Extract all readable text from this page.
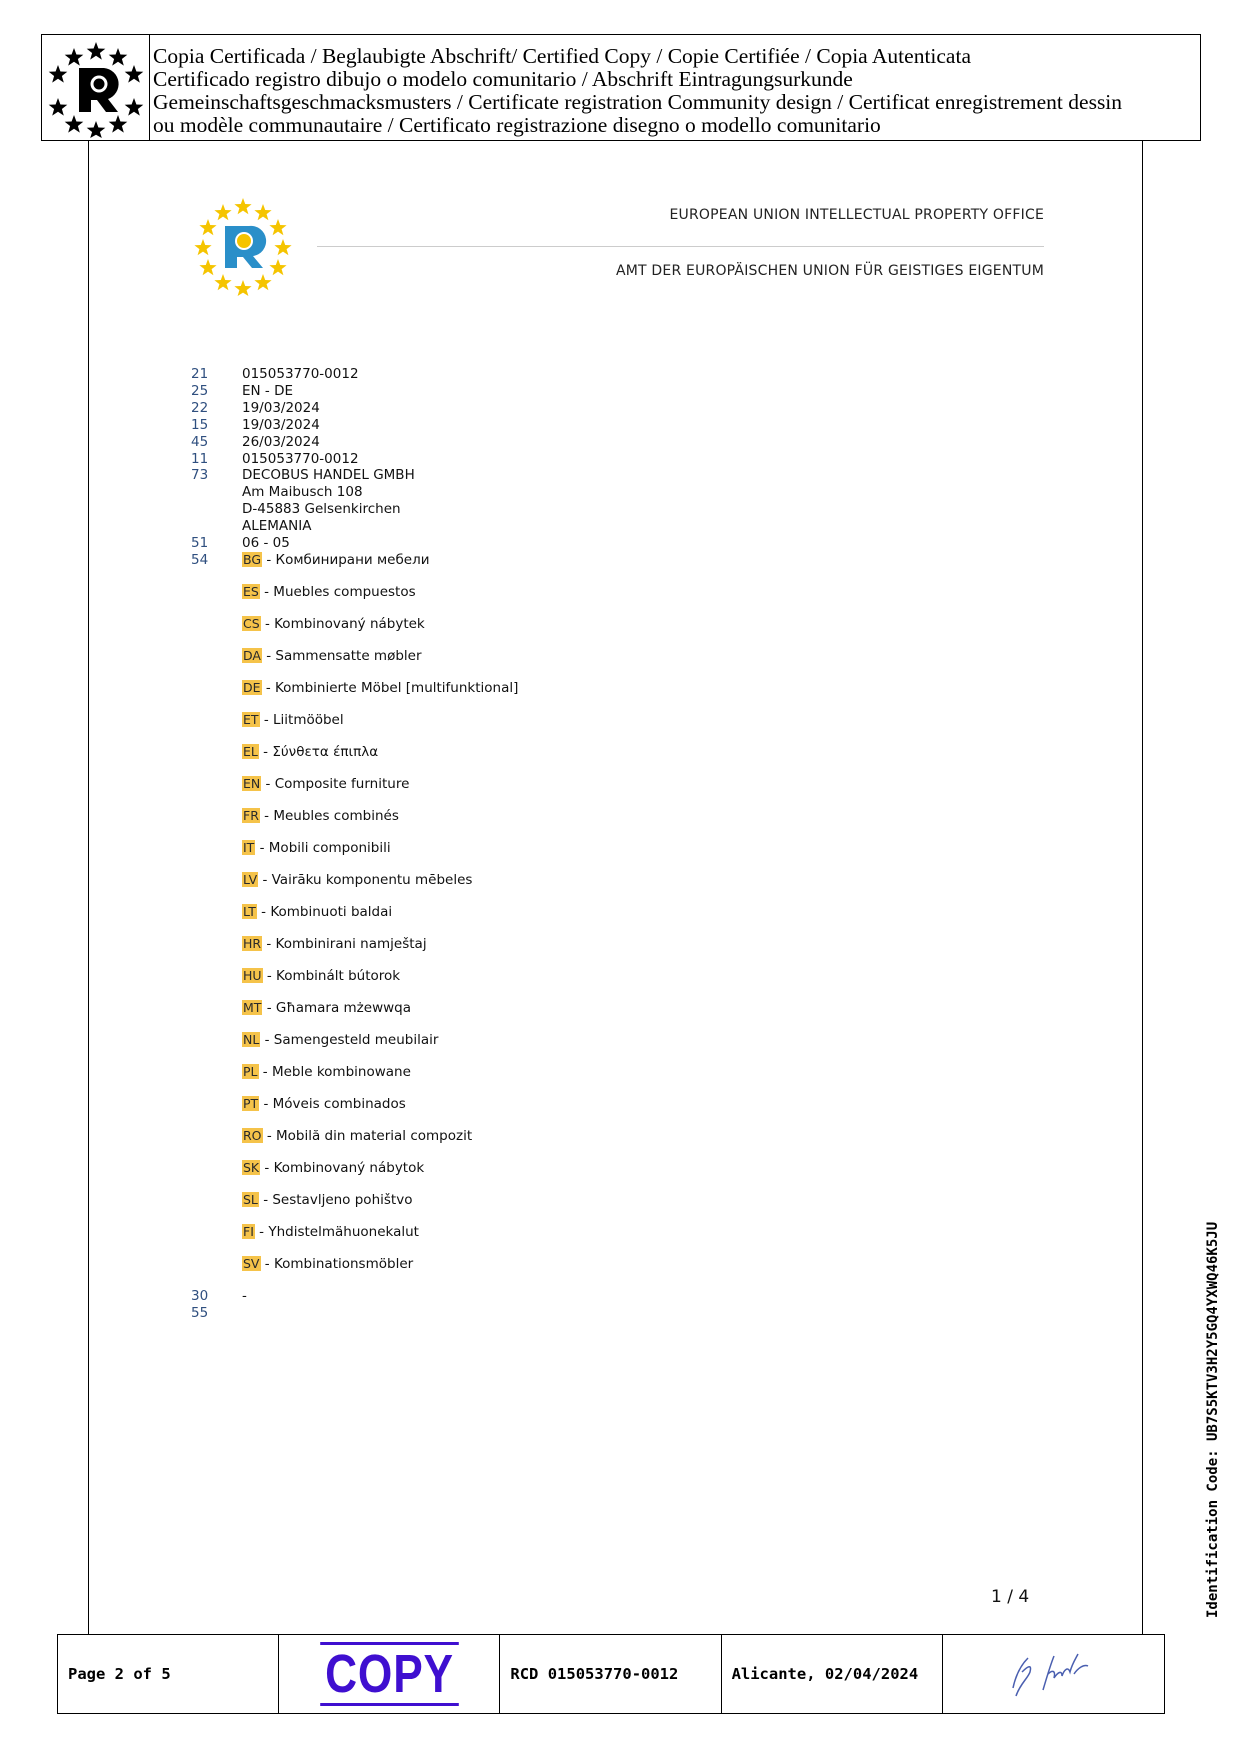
Copia Certificada / Beglaubigte Abschrift/ Certified Copy / Copie Certifiée / Copia Autenticata
Certificado registro dibujo o modelo comunitario / Abschrift Eintragungsurkunde
Gemeinschaftsgeschmacksmusters / Certificate registration Community design / Certificat enregistrement dessin
ou modèle communautaire / Certificato registrazione disegno o modello comunitario
EUROPEAN UNION INTELLECTUAL PROPERTY OFFICE
AMT DER EUROPÄISCHEN UNION FÜR GEISTIGES EIGENTUM
21	015053770-0012
25	EN - DE
22	19/03/2024
15	19/03/2024
45	26/03/2024
11	015053770-0012
73	DECOBUS HANDEL GMBH
Am Maibusch 108
D-45883 Gelsenkirchen
ALEMANIA
51	06 - 05
54	BG - Комбинирани мебели
ES - Muebles compuestos
CS - Kombinovaný nábytek
DA - Sammensatte møbler
DE - Kombinierte Möbel [multifunktional]
ET - Liitmööbel
EL - Σύνθετα έπιπλα
EN - Composite furniture
FR - Meubles combinés
IT - Mobili componibili
LV - Vairāku komponentu mēbeles
LT - Kombinuoti baldai
HR - Kombinirani namještaj
HU - Kombinált bútorok
MT - Għamara mżewwqa
NL - Samengesteld meubilair
PL - Meble kombinowane
PT - Móveis combinados
RO - Mobilă din material compozit
SK - Kombinovaný nábytok
SL - Sestavljeno pohištvo
FI - Yhdistelmähuonekalut
SV - Kombinationsmöbler
30	-
55
1 / 4	Identification Code: UB7S5KTV3H2Y5GQ4YXWQ46K5JU
Page 2 of 5	COPY	RCD 015053770-0012	Alicante, 02/04/2024
